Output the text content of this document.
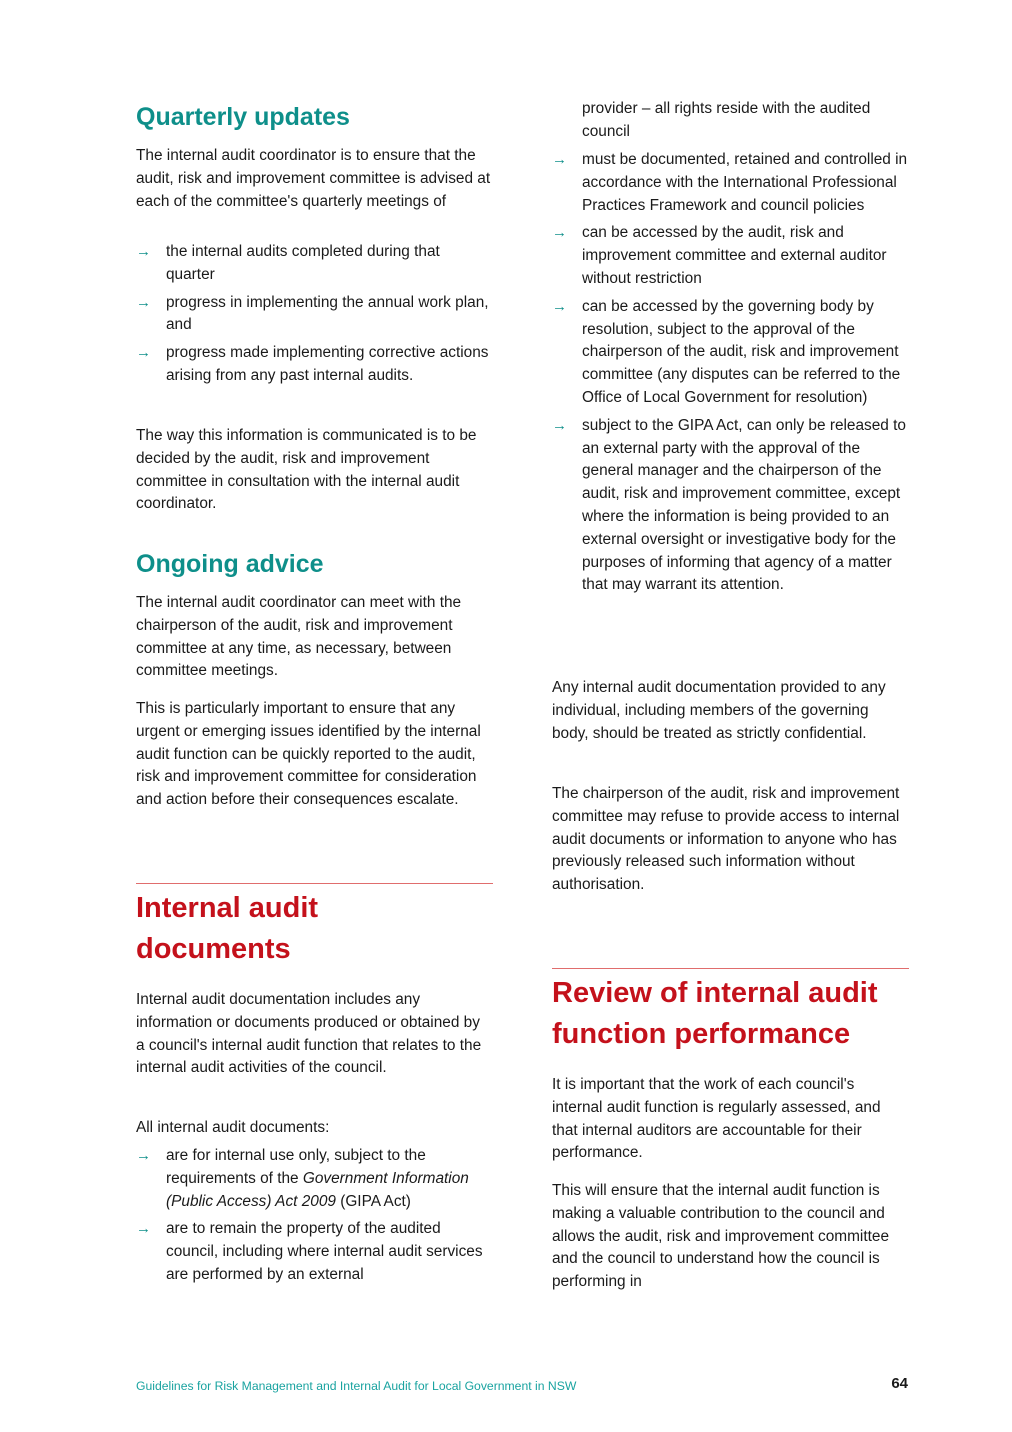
Quarterly updates

The internal audit coordinator is to ensure that the audit, risk and improvement committee is advised at each of the committee's quarterly meetings of

→ the internal audits completed during that quarter
→ progress in implementing the annual work plan, and
→ progress made implementing corrective actions arising from any past internal audits.

The way this information is communicated is to be decided by the audit, risk and improvement committee in consultation with the internal audit coordinator.

Ongoing advice

The internal audit coordinator can meet with the chairperson of the audit, risk and improvement committee at any time, as necessary, between committee meetings.

This is particularly important to ensure that any urgent or emerging issues identified by the internal audit function can be quickly reported to the audit, risk and improvement committee for consideration and action before their consequences escalate.

Internal audit
documents

Internal audit documentation includes any information or documents produced or obtained by a council's internal audit function that relates to the internal audit activities of the council.

All internal audit documents:

→ are for internal use only, subject to the requirements of the Government Information (Public Access) Act 2009 (GIPA Act)
→ are to remain the property of the audited council, including where internal audit services are performed by an external

provider – all rights reside with the audited council

→ must be documented, retained and controlled in accordance with the International Professional Practices Framework and council policies
→ can be accessed by the audit, risk and improvement committee and external auditor without restriction
→ can be accessed by the governing body by resolution, subject to the approval of the chairperson of the audit, risk and improvement committee (any disputes can be referred to the Office of Local Government for resolution)
→ subject to the GIPA Act, can only be released to an external party with the approval of the general manager and the chairperson of the audit, risk and improvement committee, except where the information is being provided to an external oversight or investigative body for the purposes of informing that agency of a matter that may warrant its attention.

Any internal audit documentation provided to any individual, including members of the governing body, should be treated as strictly confidential.

The chairperson of the audit, risk and improvement committee may refuse to provide access to internal audit documents or information to anyone who has previously released such information without authorisation.

Review of internal audit
function performance

It is important that the work of each council's internal audit function is regularly assessed, and that internal auditors are accountable for their performance.

This will ensure that the internal audit function is making a valuable contribution to the council and allows the audit, risk and improvement committee and the council to understand how the council is performing in

Guidelines for Risk Management and Internal Audit for Local Government in NSW	64
